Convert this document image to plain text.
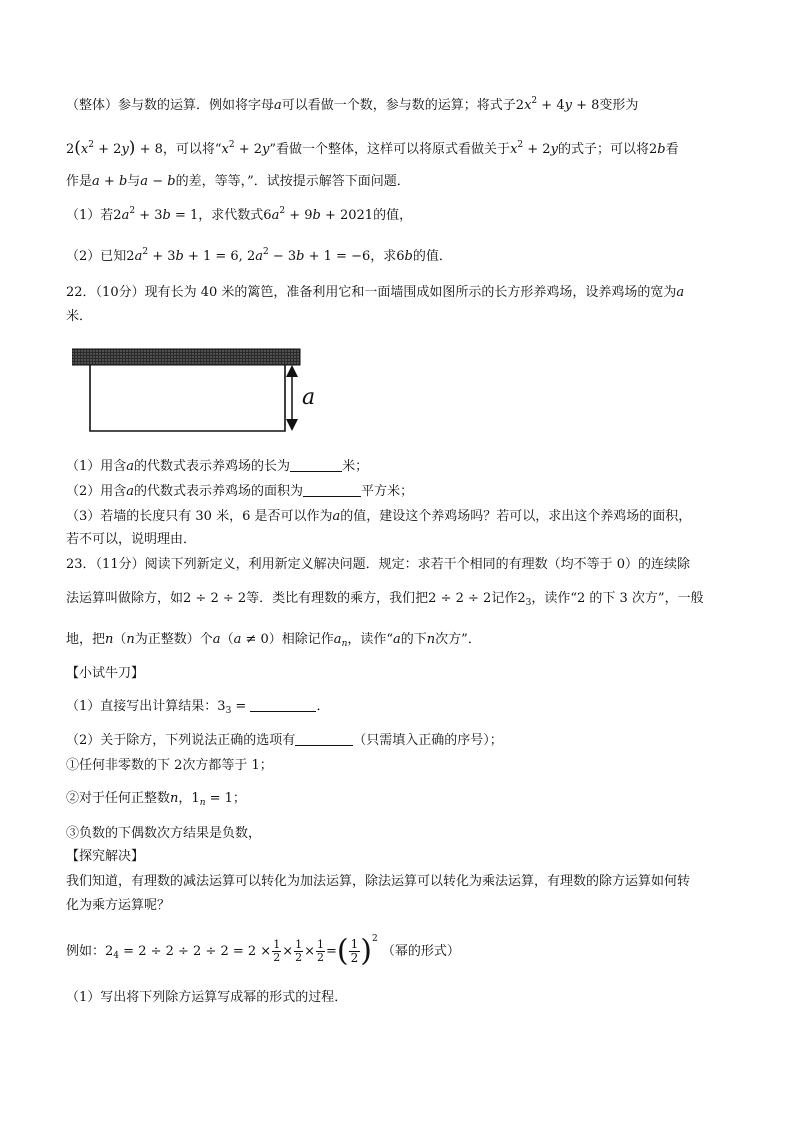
（整体）参与数的运算．例如将字母a可以看做一个数，参与数的运算；将式子$2x^2 + 4y + 8$变形为
$2(x^2 + 2y) + 8$，可以将“$x^2 + 2y$”看做一个整体，这样可以将原式看做关于$x^2 + 2y$的式子；可以将2b看
作是a + b与a − b的差，等等，”．试按提示解答下面问题．
（1）若$2a^2 + 3b = 1$，求代数式$6a^2 + 9b + 2021$的值，
（2）已知$2a^2 + 3b + 1 = 6$, $2a^2 - 3b + 1 = -6$，求6b的值．
22．（10分）现有长为 40 米的篱笆，准备利用它和一面墙围成如图所示的长方形养鸡场，设养鸡场的宽为a
米．
a
（1）用含a的代数式表示养鸡场的长为	米；
（2）用含a的代数式表示养鸡场的面积为	平方米；
（3）若墙的长度只有 30 米，6 是否可以作为a的值，建设这个养鸡场吗？若可以，求出这个养鸡场的面积，
若不可以，说明理由．
23．（11分）阅读下列新定义，利用新定义解决问题．规定：求若干个相同的有理数（均不等于 0）的连续除
法运算叫做除方，如2 ÷ 2 ÷ 2等．类比有理数的乘方，我们把2 ÷ 2 ÷ 2记作$2_3$，读作“2 的下 3 次方”，一般
地，把n（n为正整数）个a（a ≠ 0）相除记作$a_n$，读作“a的下n次方”．
【小试牛刀】
（1）直接写出计算结果：$3_3$ =	．
（2）关于除方，下列说法正确的选项有	（只需填入正确的序号）；
①任何非零数的下 2次方都等于 1；
②对于任何正整数n，$1_n = 1$；
③负数的下偶数次方结果是负数，
【探究解决】
我们知道，有理数的减法运算可以转化为加法运算，除法运算可以转化为乘法运算，有理数的除方运算如何转
化为乘方运算呢？
例如：$2_4 = 2 \div 2 \div 2 \div 2 = 2 \times \frac{1}{2} \times \frac{1}{2} \times \frac{1}{2}$ =( $\frac{1}{2} )^2$ （幂的形式）
（1）写出将下列除方运算写成幂的形式的过程．
